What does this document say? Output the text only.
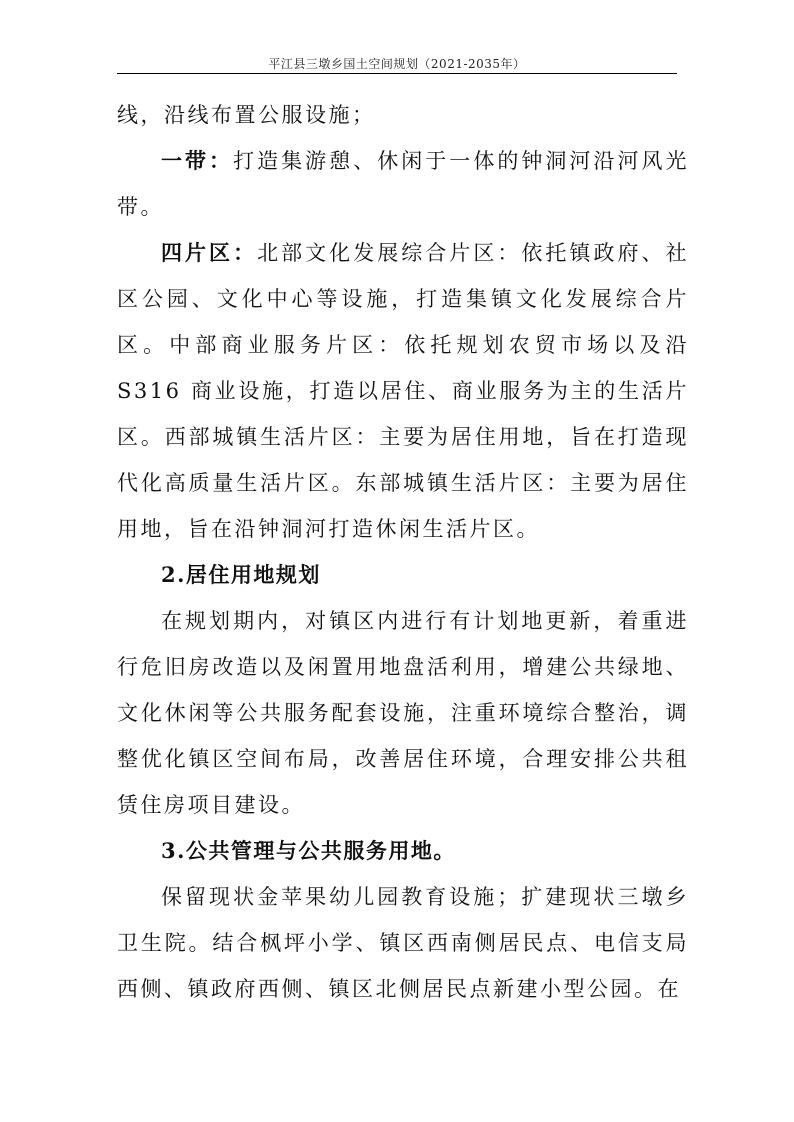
平江县三墩乡国土空间规划（2021-2035年）

线，沿线布置公服设施；

一带：打造集游憩、休闲于一体的钟洞河沿河风光带。

四片区：北部文化发展综合片区：依托镇政府、社区公园、文化中心等设施，打造集镇文化发展综合片区。中部商业服务片区：依托规划农贸市场以及沿 S316 商业设施，打造以居住、商业服务为主的生活片区。西部城镇生活片区：主要为居住用地，旨在打造现代化高质量生活片区。东部城镇生活片区：主要为居住用地，旨在沿钟洞河打造休闲生活片区。

2.居住用地规划

在规划期内，对镇区内进行有计划地更新，着重进行危旧房改造以及闲置用地盘活利用，增建公共绿地、文化休闲等公共服务配套设施，注重环境综合整治，调整优化镇区空间布局，改善居住环境，合理安排公共租赁住房项目建设。

3.公共管理与公共服务用地。

保留现状金苹果幼儿园教育设施；扩建现状三墩乡卫生院。结合枫坪小学、镇区西南侧居民点、电信支局西侧、镇政府西侧、镇区北侧居民点新建小型公园。在
